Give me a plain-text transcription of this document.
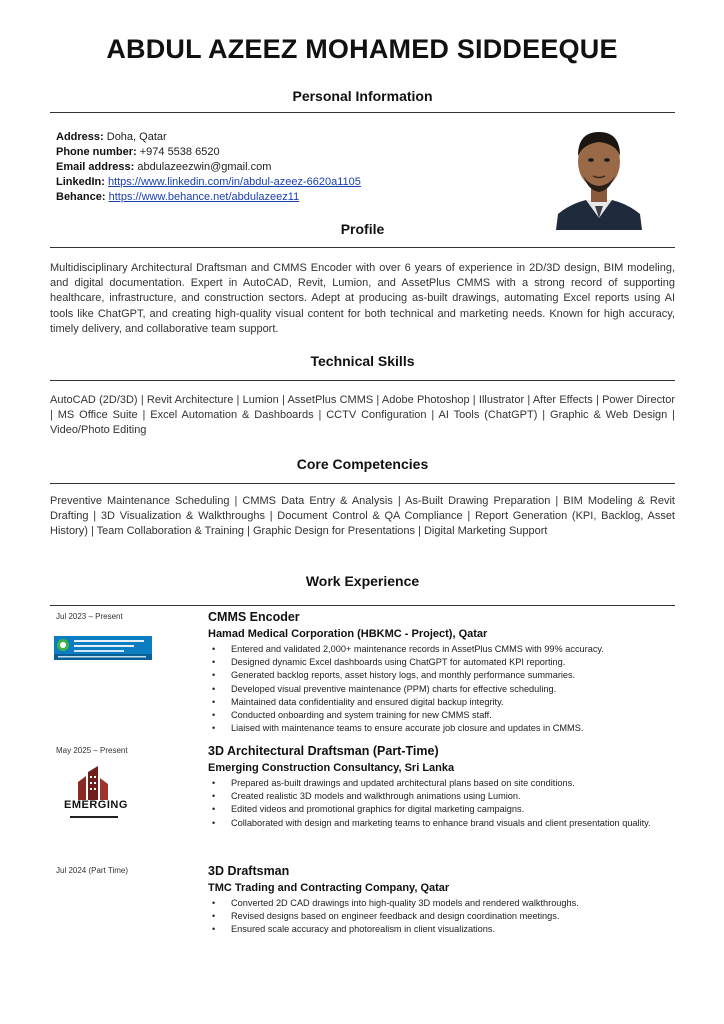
ABDUL AZEEZ MOHAMED SIDDEEQUE
Personal Information
Address: Doha, Qatar
Phone number: +974 5538 6520
Email address: abdulazeezwin@gmail.com
LinkedIn: https://www.linkedin.com/in/abdul-azeez-6620a1105
Behance: https://www.behance.net/abdulazeez11
Profile
Multidisciplinary Architectural Draftsman and CMMS Encoder with over 6 years of experience in 2D/3D design, BIM modeling, and digital documentation. Expert in AutoCAD, Revit, Lumion, and AssetPlus CMMS with a strong record of supporting healthcare, infrastructure, and construction sectors. Adept at producing as-built drawings, automating Excel reports using AI tools like ChatGPT, and creating high-quality visual content for both technical and marketing needs. Known for high accuracy, timely delivery, and collaborative team support.
Technical Skills
AutoCAD (2D/3D) | Revit Architecture | Lumion | AssetPlus CMMS | Adobe Photoshop | Illustrator | After Effects | Power Director | MS Office Suite | Excel Automation & Dashboards | CCTV Configuration | AI Tools (ChatGPT) | Graphic & Web Design | Video/Photo Editing
Core Competencies
Preventive Maintenance Scheduling | CMMS Data Entry & Analysis | As-Built Drawing Preparation | BIM Modeling & Revit Drafting | 3D Visualization & Walkthroughs | Document Control & QA Compliance | Report Generation (KPI, Backlog, Asset History) | Team Collaboration & Training | Graphic Design for Presentations | Digital Marketing Support
Work Experience
Jul 2023 – Present	CMMS Encoder
Hamad Medical Corporation (HBKMC - Project), Qatar
• Entered and validated 2,000+ maintenance records in AssetPlus CMMS with 99% accuracy.
• Designed dynamic Excel dashboards using ChatGPT for automated KPI reporting.
• Generated backlog reports, asset history logs, and monthly performance summaries.
• Developed visual preventive maintenance (PPM) charts for effective scheduling.
• Maintained data confidentiality and ensured digital backup integrity.
• Conducted onboarding and system training for new CMMS staff.
• Liaised with maintenance teams to ensure accurate job closure and updates in CMMS.
May 2025 – Present
EMERGING
3D Architectural Draftsman (Part-Time)
Emerging Construction Consultancy, Sri Lanka
• Prepared as-built drawings and updated architectural plans based on site conditions.
• Created realistic 3D models and walkthrough animations using Lumion.
• Edited videos and promotional graphics for digital marketing campaigns.
• Collaborated with design and marketing teams to enhance brand visuals and client presentation quality.
Jul 2024 (Part Time)	3D Draftsman
TMC Trading and Contracting Company, Qatar
• Converted 2D CAD drawings into high-quality 3D models and rendered walkthroughs.
• Revised designs based on engineer feedback and design coordination meetings.
• Ensured scale accuracy and photorealism in client visualizations.
